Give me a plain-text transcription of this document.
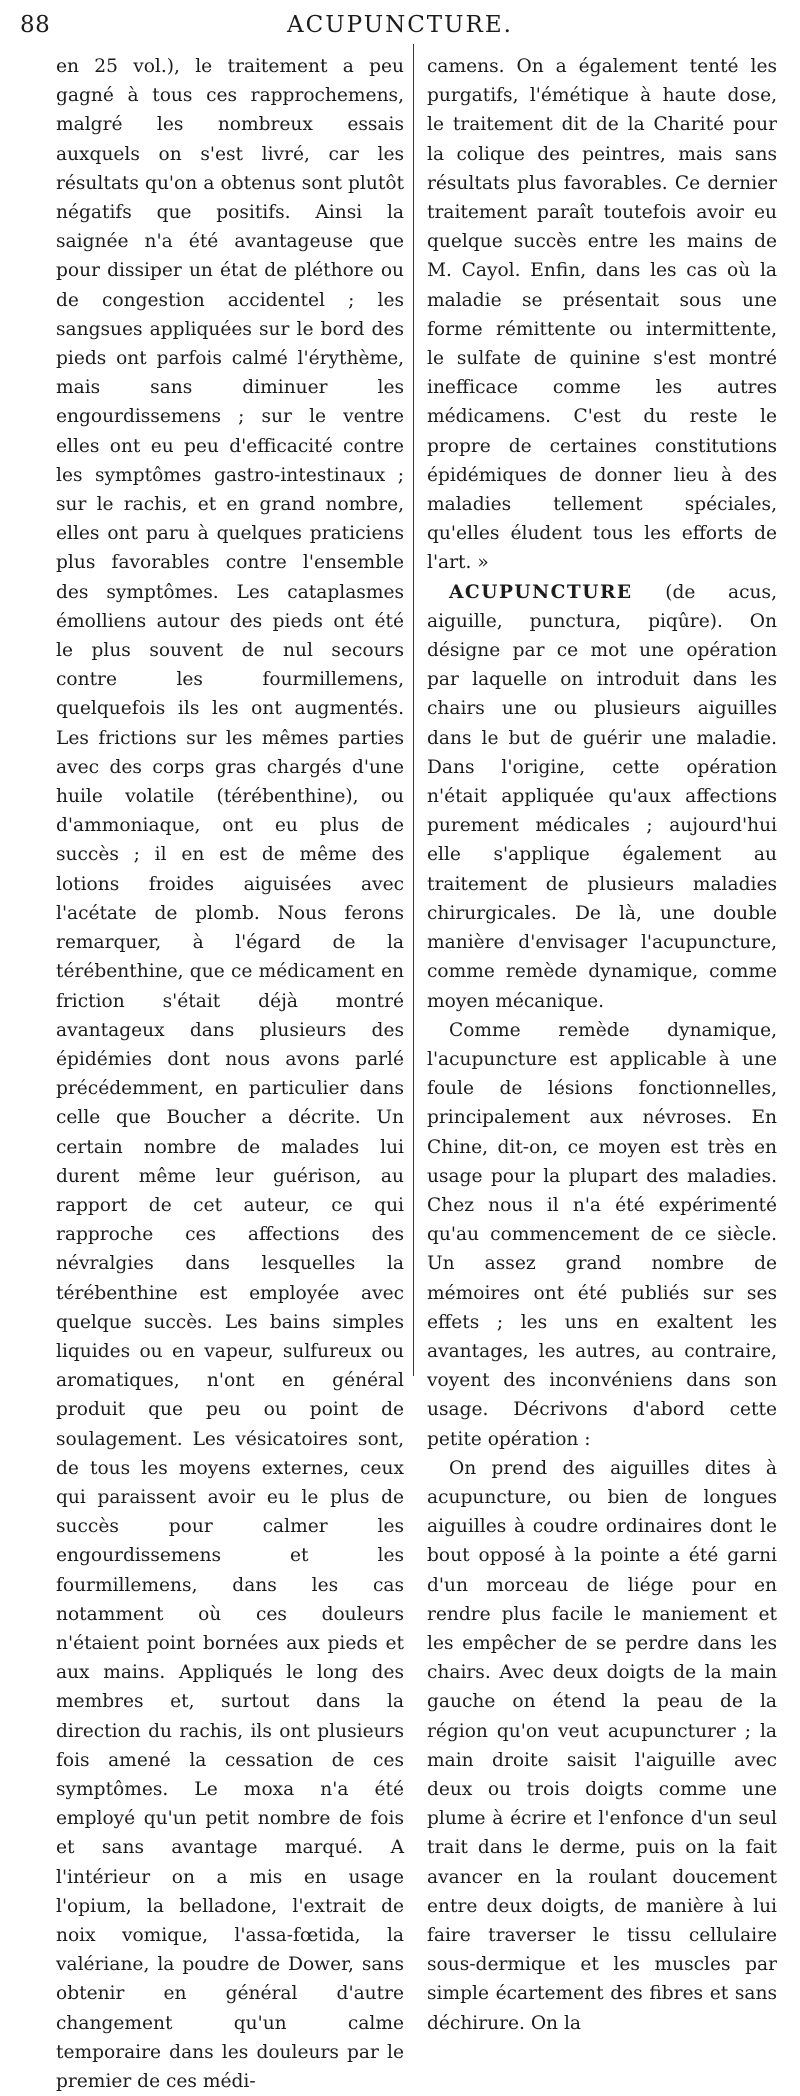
88	ACUPUNCTURE.

en 25 vol.), le traitement a peu gagné à tous ces rapprochemens, malgré les nombreux essais auxquels on s'est livré, car les résultats qu'on a obtenus sont plutôt négatifs que positifs. Ainsi la saignée n'a été avantageuse que pour dissiper un état de pléthore ou de congestion accidentel ; les sangsues appliquées sur le bord des pieds ont parfois calmé l'érythème, mais sans diminuer les engourdissemens ; sur le ventre elles ont eu peu d'efficacité contre les symptômes gastro-intestinaux ; sur le rachis, et en grand nombre, elles ont paru à quelques praticiens plus favorables contre l'ensemble des symptômes. Les cataplasmes émolliens autour des pieds ont été le plus souvent de nul secours contre les fourmillemens, quelquefois ils les ont augmentés. Les frictions sur les mêmes parties avec des corps gras chargés d'une huile volatile (térébenthine), ou d'ammoniaque, ont eu plus de succès ; il en est de même des lotions froides aiguisées avec l'acétate de plomb. Nous ferons remarquer, à l'égard de la térébenthine, que ce médicament en friction s'était déjà montré avantageux dans plusieurs des épidémies dont nous avons parlé précédemment, en particulier dans celle que Boucher a décrite. Un certain nombre de malades lui durent même leur guérison, au rapport de cet auteur, ce qui rapproche ces affections des névralgies dans lesquelles la térébenthine est employée avec quelque succès. Les bains simples liquides ou en vapeur, sulfureux ou aromatiques, n'ont en général produit que peu ou point de soulagement. Les vésicatoires sont, de tous les moyens externes, ceux qui paraissent avoir eu le plus de succès pour calmer les engourdissemens et les fourmillemens, dans les cas notamment où ces douleurs n'étaient point bornées aux pieds et aux mains. Appliqués le long des membres et, surtout dans la direction du rachis, ils ont plusieurs fois amené la cessation de ces symptômes. Le moxa n'a été employé qu'un petit nombre de fois et sans avantage marqué. A l'intérieur on a mis en usage l'opium, la belladone, l'extrait de noix vomique, l'assa-fœtida, la valériane, la poudre de Dower, sans obtenir en général d'autre changement qu'un calme temporaire dans les douleurs par le premier de ces médi-

camens. On a également tenté les purgatifs, l'émétique à haute dose, le traitement dit de la Charité pour la colique des peintres, mais sans résultats plus favorables. Ce dernier traitement paraît toutefois avoir eu quelque succès entre les mains de M. Cayol. Enfin, dans les cas où la maladie se présentait sous une forme rémittente ou intermittente, le sulfate de quinine s'est montré inefficace comme les autres médicamens. C'est du reste le propre de certaines constitutions épidémiques de donner lieu à des maladies tellement spéciales, qu'elles éludent tous les efforts de l'art. »

ACUPUNCTURE (de acus, aiguille, punctura, piqûre). On désigne par ce mot une opération par laquelle on introduit dans les chairs une ou plusieurs aiguilles dans le but de guérir une maladie. Dans l'origine, cette opération n'était appliquée qu'aux affections purement médicales ; aujourd'hui elle s'applique également au traitement de plusieurs maladies chirurgicales. De là, une double manière d'envisager l'acupuncture, comme remède dynamique, comme moyen mécanique.

Comme remède dynamique, l'acupuncture est applicable à une foule de lésions fonctionnelles, principalement aux névroses. En Chine, dit-on, ce moyen est très en usage pour la plupart des maladies. Chez nous il n'a été expérimenté qu'au commencement de ce siècle. Un assez grand nombre de mémoires ont été publiés sur ses effets ; les uns en exaltent les avantages, les autres, au contraire, voyent des inconvéniens dans son usage. Décrivons d'abord cette petite opération :

On prend des aiguilles dites à acupuncture, ou bien de longues aiguilles à coudre ordinaires dont le bout opposé à la pointe a été garni d'un morceau de liége pour en rendre plus facile le maniement et les empêcher de se perdre dans les chairs. Avec deux doigts de la main gauche on étend la peau de la région qu'on veut acupuncturer ; la main droite saisit l'aiguille avec deux ou trois doigts comme une plume à écrire et l'enfonce d'un seul trait dans le derme, puis on la fait avancer en la roulant doucement entre deux doigts, de manière à lui faire traverser le tissu cellulaire sous-dermique et les muscles par simple écartement des fibres et sans déchirure. On la
